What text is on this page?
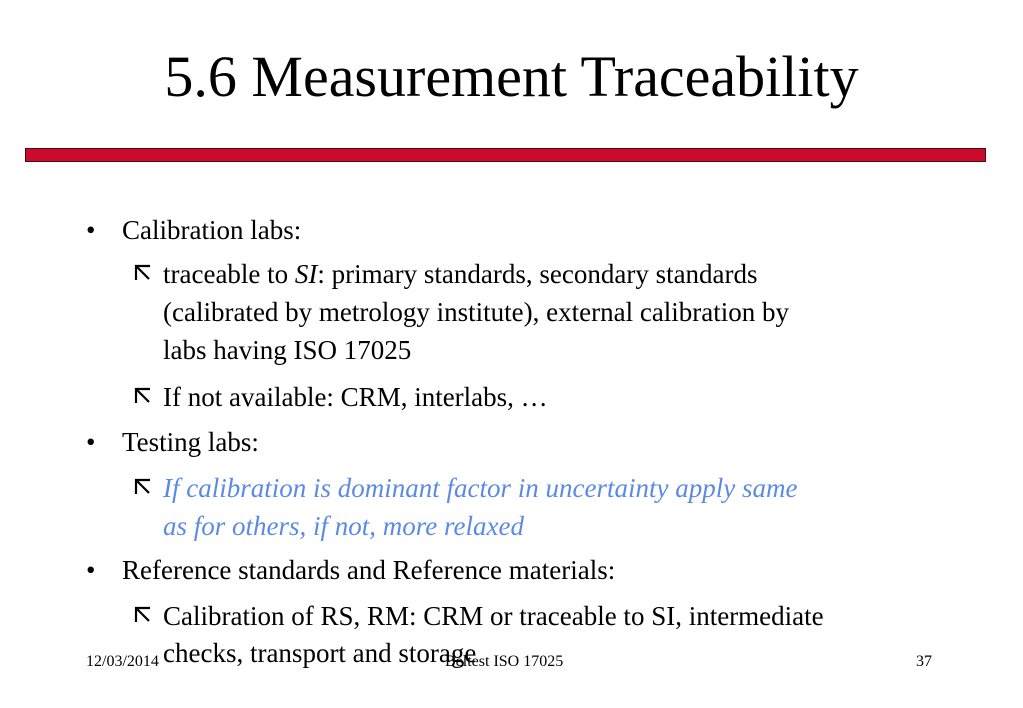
5.6 Measurement Traceability
• Calibration labs:
traceable to SI: primary standards, secondary standards
(calibrated by metrology institute), external calibration by
labs having ISO 17025
If not available: CRM, interlabs, …
• Testing labs:
If calibration is dominant factor in uncertainty apply same
as for others, if not, more relaxed
• Reference standards and Reference materials:
Calibration of RS, RM: CRM or traceable to SI, intermediate
checks, transport and storage
12/03/2014	Beltest ISO 17025	37
